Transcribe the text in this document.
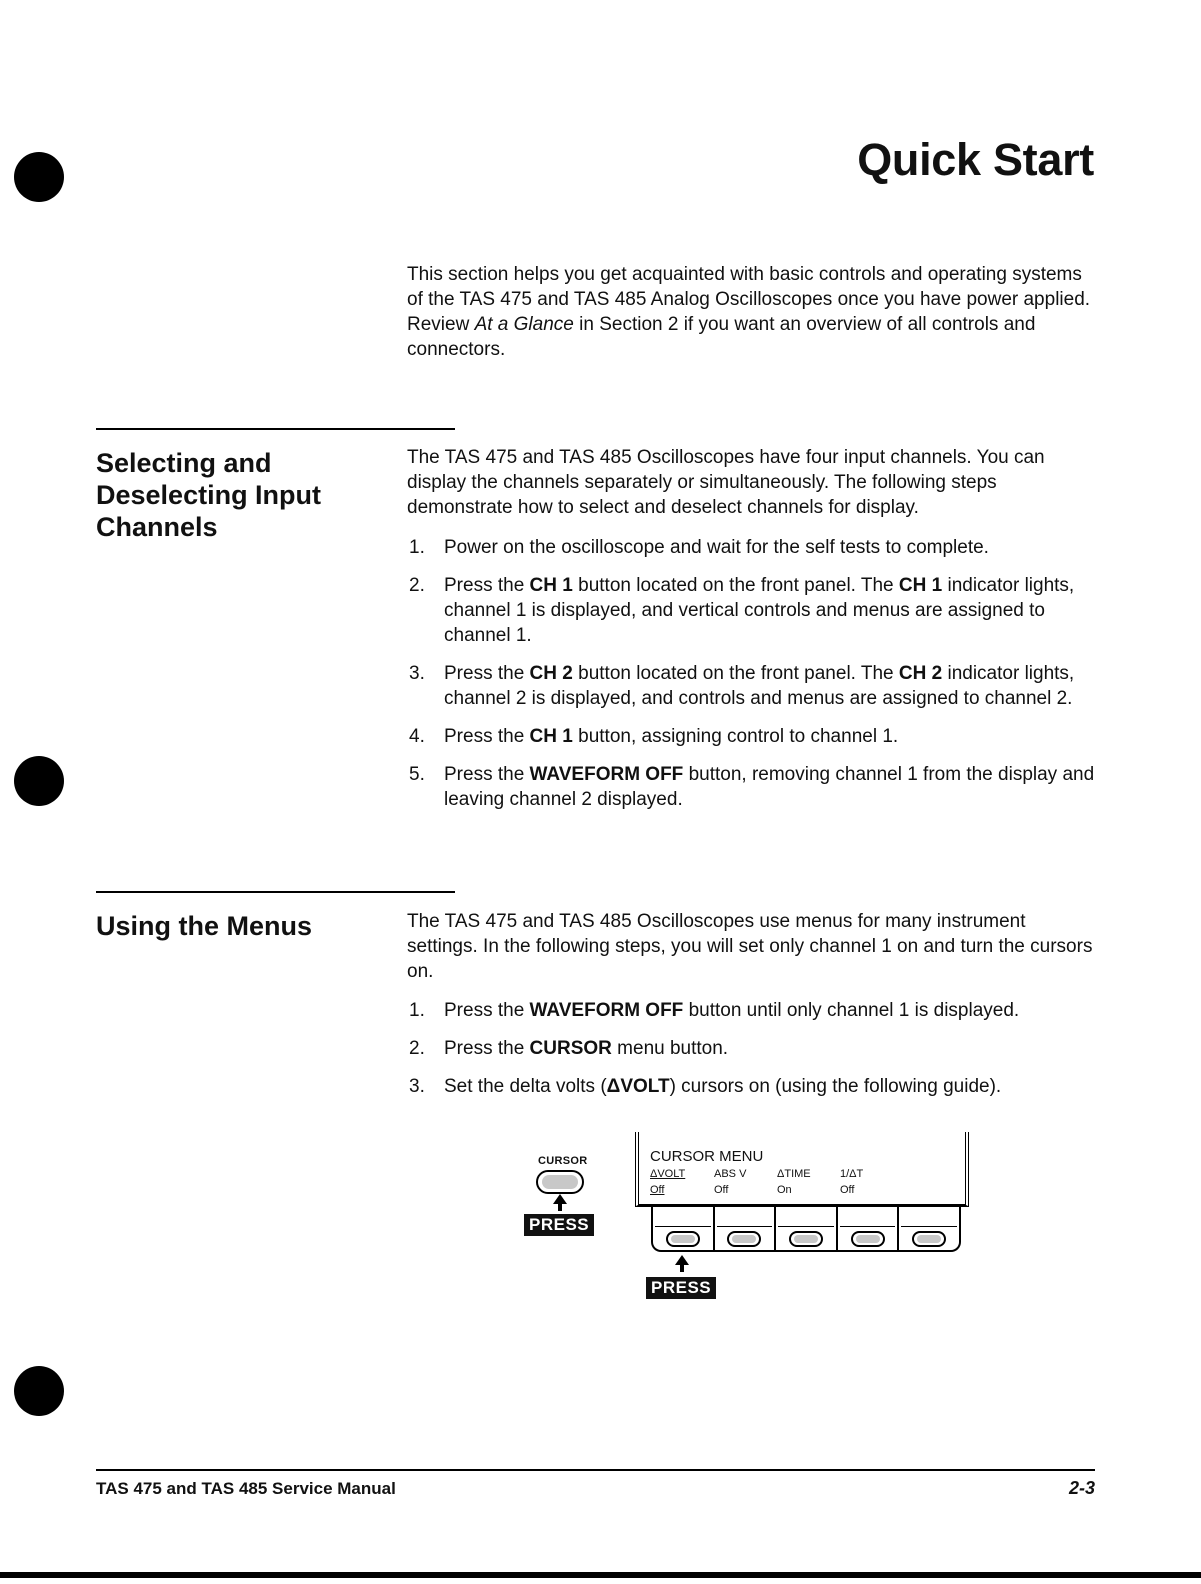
Quick Start

This section helps you get acquainted with basic controls and operating systems of the TAS 475 and TAS 485 Analog Oscilloscopes once you have power applied. Review At a Glance in Section 2 if you want an overview of all controls and connectors.

Selecting and Deselecting Input Channels

The TAS 475 and TAS 485 Oscilloscopes have four input channels. You can display the channels separately or simultaneously. The following steps demonstrate how to select and deselect channels for display.

1. Power on the oscilloscope and wait for the self tests to complete.
2. Press the CH 1 button located on the front panel. The CH 1 indicator lights, channel 1 is displayed, and vertical controls and menus are assigned to channel 1.
3. Press the CH 2 button located on the front panel. The CH 2 indicator lights, channel 2 is displayed, and controls and menus are assigned to channel 2.
4. Press the CH 1 button, assigning control to channel 1.
5. Press the WAVEFORM OFF button, removing channel 1 from the display and leaving channel 2 displayed.
Using the Menus	The TAS 475 and TAS 485 Oscilloscopes use menus for many instrument settings. In the following steps, you will set only channel 1 on and turn the cursors on.

1. Press the WAVEFORM OFF button until only channel 1 is displayed.
2. Press the CURSOR menu button.
3. Set the delta volts (ΔVOLT) cursors on (using the following guide).
CURSOR
PRESS
CURSOR MENU
ΔVOLT
Off
ABS V
Off
ΔTIME
On
1/ΔT
Off
PRESS

TAS 475 and TAS 485 Service Manual	2-3
